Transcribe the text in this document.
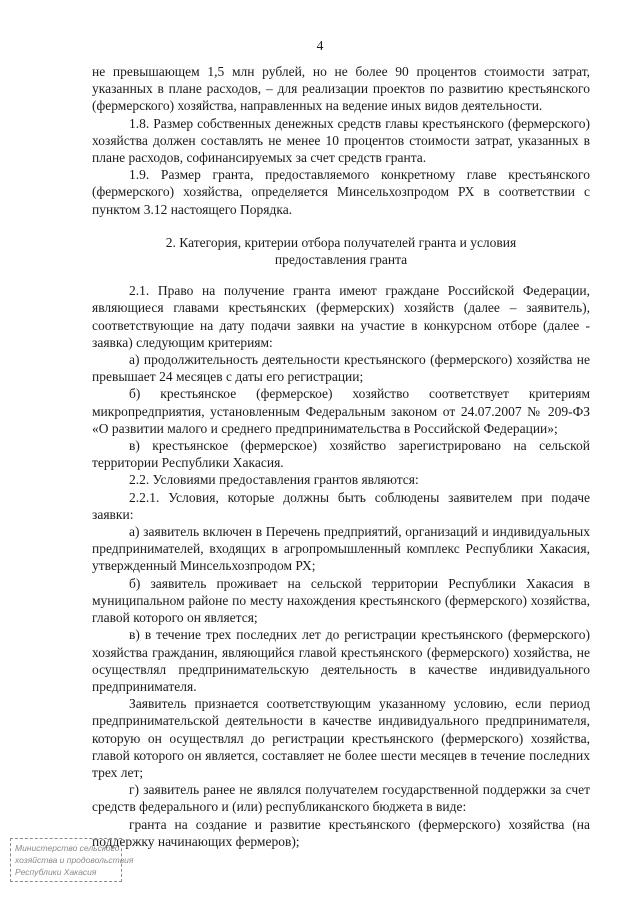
4

не превышающем 1,5 млн рублей, но не более 90 процентов стоимости затрат, указанных в плане расходов, – для реализации проектов по развитию крестьянского (фермерского) хозяйства, направленных на ведение иных видов деятельности.

1.8. Размер собственных денежных средств главы крестьянского (фермерского) хозяйства должен составлять не менее 10 процентов стоимости затрат, указанных в плане расходов, софинансируемых за счет средств гранта.

1.9. Размер гранта, предоставляемого конкретному главе крестьянского (фермерского) хозяйства, определяется Минсельхозпродом РХ в соответствии с пунктом 3.12 настоящего Порядка.

2. Категория, критерии отбора получателей гранта и условия
предоставления гранта

2.1. Право на получение гранта имеют граждане Российской Федерации, являющиеся главами крестьянских (фермерских) хозяйств (далее – заявитель), соответствующие на дату подачи заявки на участие в конкурсном отборе (далее - заявка) следующим критериям:

а) продолжительность деятельности крестьянского (фермерского) хозяйства не превышает 24 месяцев с даты его регистрации;

б) крестьянское (фермерское) хозяйство соответствует критериям микропредприятия, установленным Федеральным законом от 24.07.2007 № 209-ФЗ «О развитии малого и среднего предпринимательства в Российской Федерации»;

в) крестьянское (фермерское) хозяйство зарегистрировано на сельской территории Республики Хакасия.

2.2. Условиями предоставления грантов являются:

2.2.1. Условия, которые должны быть соблюдены заявителем при подаче заявки:

а) заявитель включен в Перечень предприятий, организаций и индивидуальных предпринимателей, входящих в агропромышленный комплекс Республики Хакасия, утвержденный Минсельхозпродом РХ;

б) заявитель проживает на сельской территории Республики Хакасия в муниципальном районе по месту нахождения крестьянского (фермерского) хозяйства, главой которого он является;

в) в течение трех последних лет до регистрации крестьянского (фермерского) хозяйства гражданин, являющийся главой крестьянского (фермерского) хозяйства, не осуществлял предпринимательскую деятельность в качестве индивидуального предпринимателя.

Заявитель признается соответствующим указанному условию, если период предпринимательской деятельности в качестве индивидуального предпринимателя, которую он осуществлял до регистрации крестьянского (фермерского) хозяйства, главой которого он является, составляет не более шести месяцев в течение последних трех лет;

г) заявитель ранее не являлся получателем государственной поддержки за счет средств федерального и (или) республиканского бюджета в виде:

гранта на создание и развитие крестьянского (фермерского) хозяйства (на поддержку начинающих фермеров);

Министерство сельского
хозяйства и продовольствия
Республики Хакасия
